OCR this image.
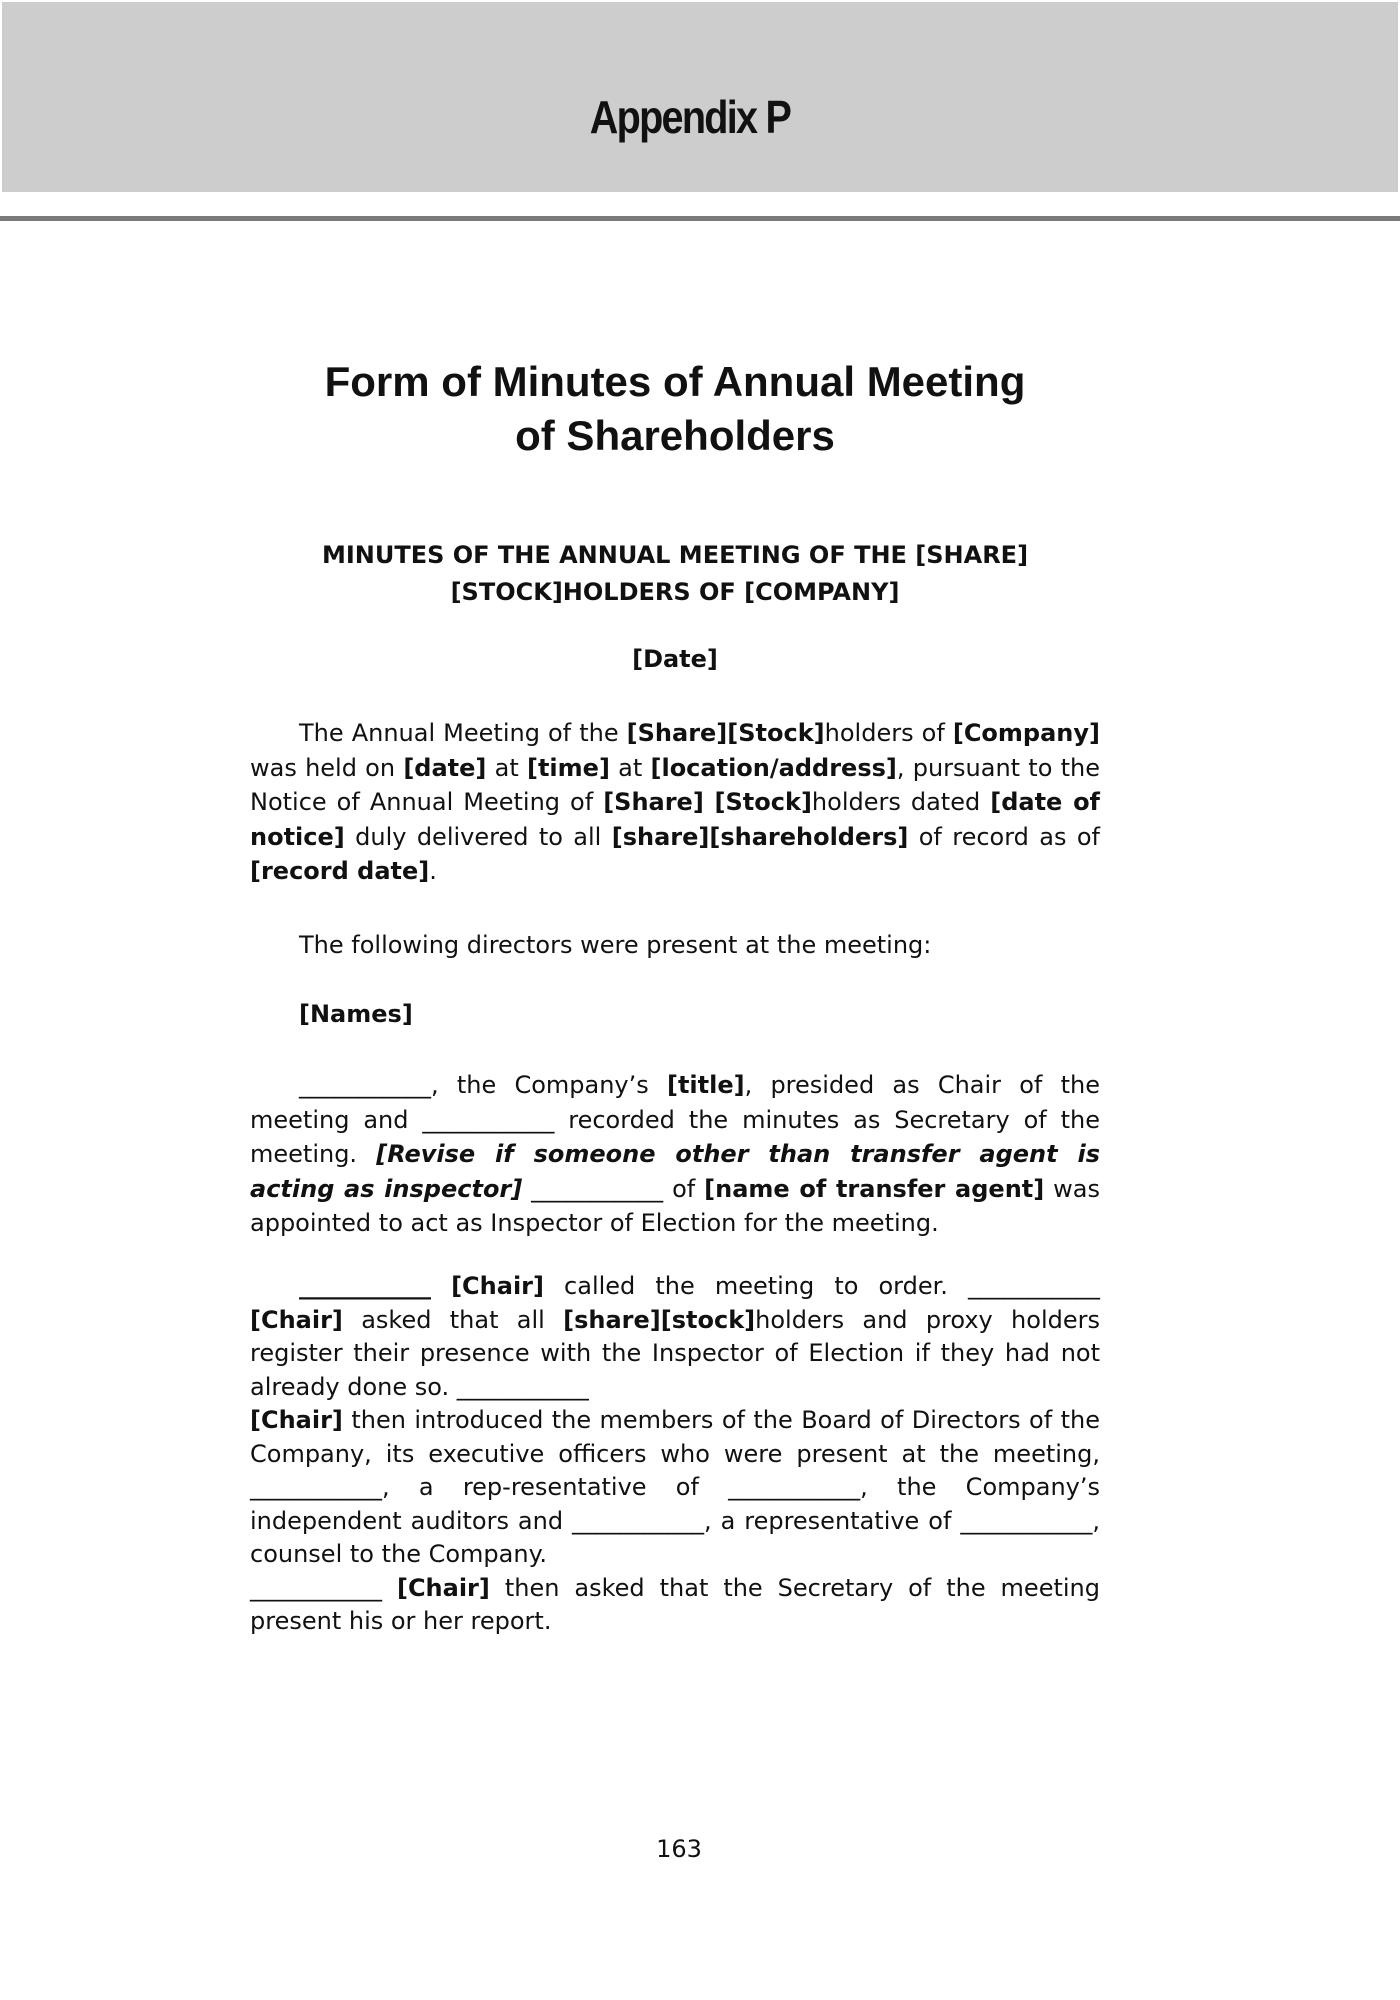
Appendix P
Form of Minutes of Annual Meeting
of Shareholders
MINUTES OF THE ANNUAL MEETING OF THE [SHARE]
[STOCK]HOLDERS OF [COMPANY]
[Date]
The Annual Meeting of the [Share][Stock]holders of [Company] was held on [date] at [time] at [location/address], pursuant to the Notice of Annual Meeting of [Share] [Stock]holders dated [date of notice] duly delivered to all [share][shareholders] of record as of [record date].
The following directors were present at the meeting:
[Names]
___________, the Company’s [title], presided as Chair of the meeting and ___________ recorded the minutes as Secretary of the meeting. [Revise if someone other than transfer agent is acting as inspector] ___________ of [name of transfer agent] was appointed to act as Inspector of Election for the meeting.
___________ [Chair] called the meeting to order. ___________ [Chair] asked that all [share][stock]holders and proxy holders register their presence with the Inspector of Election if they had not already done so. ___________
[Chair] then introduced the members of the Board of Directors of the Company, its executive officers who were present at the meeting, ___________, a rep-resentative of ___________, the Company’s independent auditors and ___________, a representative of ___________, counsel to the Company.
___________ [Chair] then asked that the Secretary of the meeting present his or her report.
163
